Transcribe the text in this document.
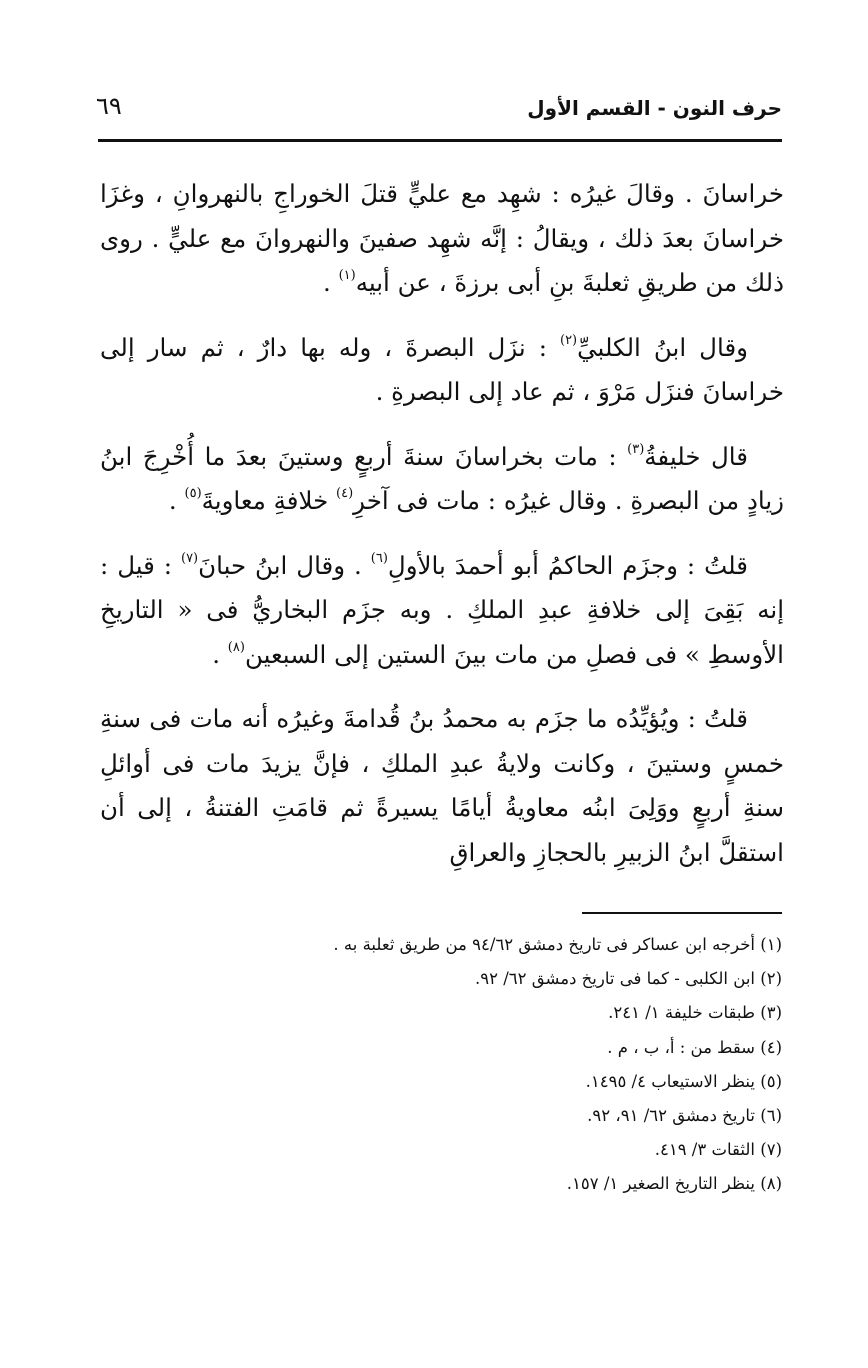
حرف النون - القسم الأول
٦٩

خراسانَ . وقالَ غيرُه : شهِد مع عليٍّ قتلَ الخوراجِ بالنهروانِ ، وغزَا خراسانَ بعدَ ذلك ، ويقالُ : إنَّه شهِد صفينَ والنهروانَ مع عليٍّ . روى ذلك من طريقِ ثعلبةَ بنِ أبى برزةَ ، عن أبيه$^{(١)}$ .

وقال ابنُ الكلبيِّ$^{(٢)}$ : نزَل البصرةَ ، وله بها دارٌ ، ثم سار إلى خراسانَ فنزَل مَرْوَ ، ثم عاد إلى البصرةِ .

قال خليفةُ$^{(٣)}$ : مات بخراسانَ سنةَ أربعٍ وستينَ بعدَ ما أُخْرِجَ ابنُ زيادٍ من البصرةِ . وقال غيرُه : مات فى آخرِ$^{(٤)}$ خلافةِ معاويةَ$^{(٥)}$ .

قلتُ : وجزَم الحاكمُ أبو أحمدَ بالأولِ$^{(٦)}$ . وقال ابنُ حبانَ$^{(٧)}$ : قيل : إنه بَقِىَ إلى خلافةِ عبدِ الملكِ . وبه جزَم البخاريُّ فى « التاريخِ الأوسطِ » فى فصلِ من مات بينَ الستين إلى السبعين$^{(٨)}$ .

قلتُ : ويُؤيِّدُه ما جزَم به محمدُ بنُ قُدامةَ وغيرُه أنه مات فى سنةِ خمسٍ وستينَ ، وكانت ولايةُ عبدِ الملكِ ، فإنَّ يزيدَ مات فى أوائلِ سنةِ أربعٍ ووَلِىَ ابنُه معاويةُ أيامًا يسيرةً ثم قامَتِ الفتنةُ ، إلى أن استقلَّ ابنُ الزبيرِ بالحجازِ والعراقِ

(١) أخرجه ابن عساكر فى تاريخ دمشق ٩٤/٦٢ من طريق ثعلبة به .
(٢) ابن الكلبى - كما فى تاريخ دمشق ٦٢/ ٩٢.
(٣) طبقات خليفة ١/ ٢٤١.
(٤) سقط من : أ، ب ، م .
(٥) ينظر الاستيعاب ٤/ ١٤٩٥.
(٦) تاريخ دمشق ٦٢/ ٩١، ٩٢.
(٧) الثقات ٣/ ٤١٩.
(٨) ينظر التاريخ الصغير ١/ ١٥٧.
